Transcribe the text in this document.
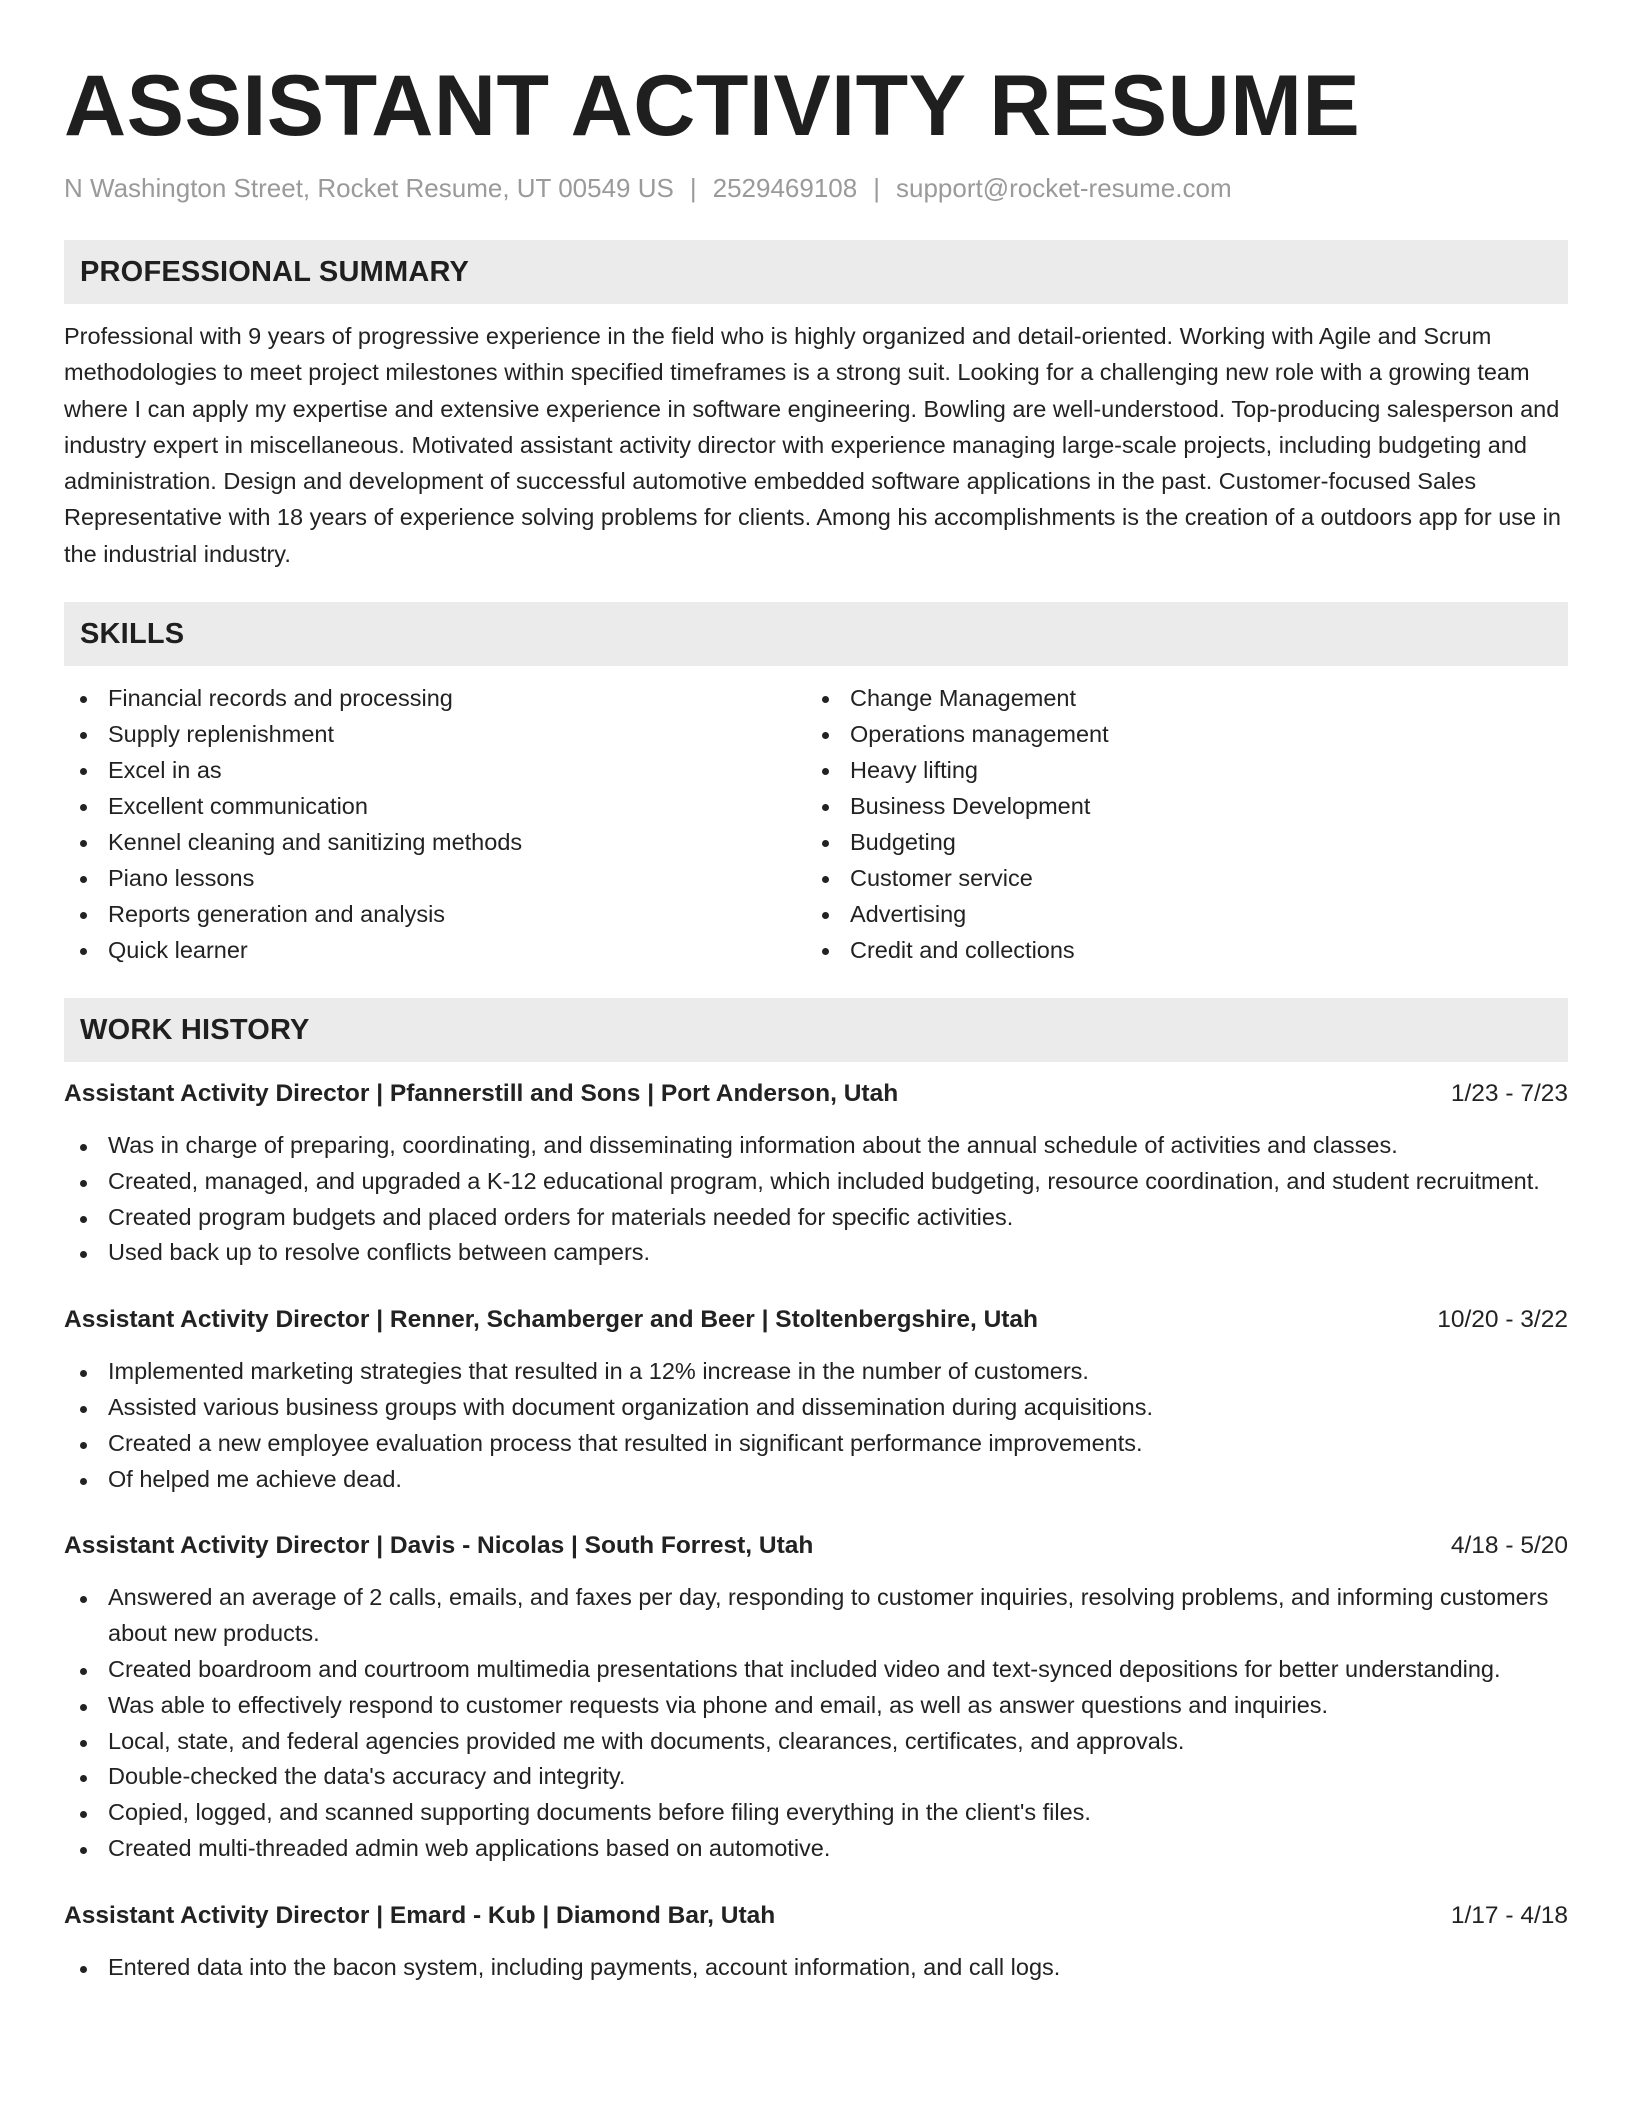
ASSISTANT ACTIVITY RESUME
N Washington Street, Rocket Resume, UT 00549 US | 2529469108 | support@rocket-resume.com
PROFESSIONAL SUMMARY
Professional with 9 years of progressive experience in the field who is highly organized and detail-oriented. Working with Agile and Scrum methodologies to meet project milestones within specified timeframes is a strong suit. Looking for a challenging new role with a growing team where I can apply my expertise and extensive experience in software engineering. Bowling are well-understood. Top-producing salesperson and industry expert in miscellaneous. Motivated assistant activity director with experience managing large-scale projects, including budgeting and administration. Design and development of successful automotive embedded software applications in the past. Customer-focused Sales Representative with 18 years of experience solving problems for clients. Among his accomplishments is the creation of a outdoors app for use in the industrial industry.
SKILLS
Financial records and processing
Supply replenishment
Excel in as
Excellent communication
Kennel cleaning and sanitizing methods
Piano lessons
Reports generation and analysis
Quick learner
Change Management
Operations management
Heavy lifting
Business Development
Budgeting
Customer service
Advertising
Credit and collections
WORK HISTORY
Assistant Activity Director | Pfannerstill and Sons | Port Anderson, Utah	1/23 - 7/23
Was in charge of preparing, coordinating, and disseminating information about the annual schedule of activities and classes.
Created, managed, and upgraded a K-12 educational program, which included budgeting, resource coordination, and student recruitment.
Created program budgets and placed orders for materials needed for specific activities.
Used back up to resolve conflicts between campers.
Assistant Activity Director | Renner, Schamberger and Beer | Stoltenbergshire, Utah	10/20 - 3/22
Implemented marketing strategies that resulted in a 12% increase in the number of customers.
Assisted various business groups with document organization and dissemination during acquisitions.
Created a new employee evaluation process that resulted in significant performance improvements.
Of helped me achieve dead.
Assistant Activity Director | Davis - Nicolas | South Forrest, Utah	4/18 - 5/20
Answered an average of 2 calls, emails, and faxes per day, responding to customer inquiries, resolving problems, and informing customers about new products.
Created boardroom and courtroom multimedia presentations that included video and text-synced depositions for better understanding.
Was able to effectively respond to customer requests via phone and email, as well as answer questions and inquiries.
Local, state, and federal agencies provided me with documents, clearances, certificates, and approvals.
Double-checked the data's accuracy and integrity.
Copied, logged, and scanned supporting documents before filing everything in the client's files.
Created multi-threaded admin web applications based on automotive.
Assistant Activity Director | Emard - Kub | Diamond Bar, Utah	1/17 - 4/18
Entered data into the bacon system, including payments, account information, and call logs.
